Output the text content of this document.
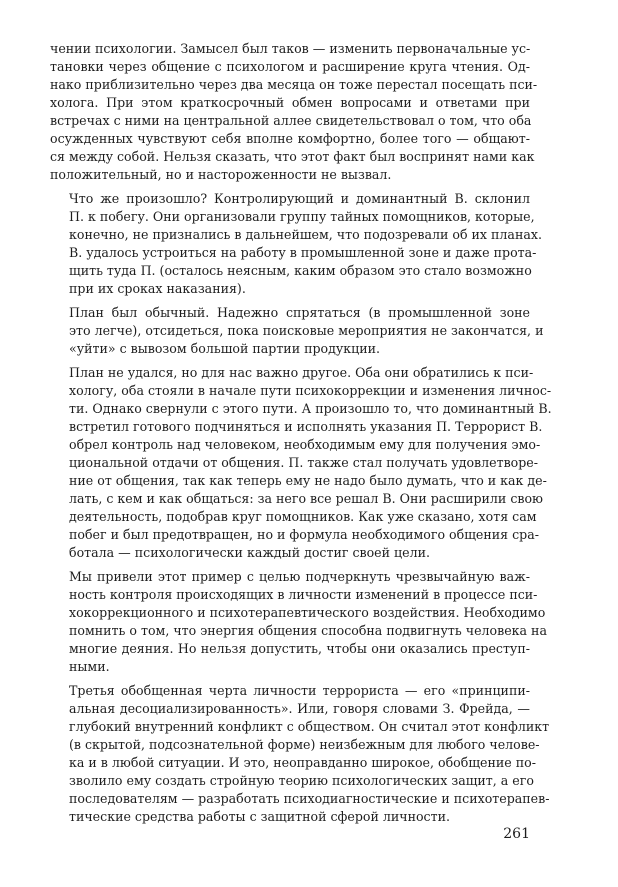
чении психологии. Замысел был таков — изменить первоначальные ус-
тановки через общение с психологом и расширение круга чтения. Од-
нако приблизительно через два месяца он тоже перестал посещать пси-
холога. При этом краткосрочный обмен вопросами и ответами при
встречах с ними на центральной аллее свидетельствовал о том, что оба
осужденных чувствуют себя вполне комфортно, более того — общают-
ся между собой. Нельзя сказать, что этот факт был воспринят нами как
положительный, но и настороженности не вызвал.

Что же произошло? Контролирующий и доминантный В. склонил
П. к побегу. Они организовали группу тайных помощников, которые,
конечно, не признались в дальнейшем, что подозревали об их планах.
В. удалось устроиться на работу в промышленной зоне и даже прота-
щить туда П. (осталось неясным, каким образом это стало возможно
при их сроках наказания).

План был обычный. Надежно спрятаться (в промышленной зоне
это легче), отсидеться, пока поисковые мероприятия не закончатся, и
«уйти» с вывозом большой партии продукции.

План не удался, но для нас важно другое. Оба они обратились к пси-
хологу, оба стояли в начале пути психокоррекции и изменения личнос-
ти. Однако свернули с этого пути. А произошло то, что доминантный В.
встретил готового подчиняться и исполнять указания П. Террорист В.
обрел контроль над человеком, необходимым ему для получения эмо-
циональной отдачи от общения. П. также стал получать удовлетворе-
ние от общения, так как теперь ему не надо было думать, что и как де-
лать, с кем и как общаться: за него все решал В. Они расширили свою
деятельность, подобрав круг помощников. Как уже сказано, хотя сам
побег и был предотвращен, но и формула необходимого общения сра-
ботала — психологически каждый достиг своей цели.

Мы привели этот пример с целью подчеркнуть чрезвычайную важ-
ность контроля происходящих в личности изменений в процессе пси-
хокоррекционного и психотерапевтического воздействия. Необходимо
помнить о том, что энергия общения способна подвигнуть человека на
многие деяния. Но нельзя допустить, чтобы они оказались преступ-
ными.

Третья обобщенная черта личности террориста — его «принципи-
альная десоциализированность». Или, говоря словами З. Фрейда, —
глубокий внутренний конфликт с обществом. Он считал этот конфликт
(в скрытой, подсознательной форме) неизбежным для любого челове-
ка и в любой ситуации. И это, неоправданно широкое, обобщение по-
зволило ему создать стройную теорию психологических защит, а его
последователям — разработать психодиагностические и психотерапев-
тические средства работы с защитной сферой личности.

261
